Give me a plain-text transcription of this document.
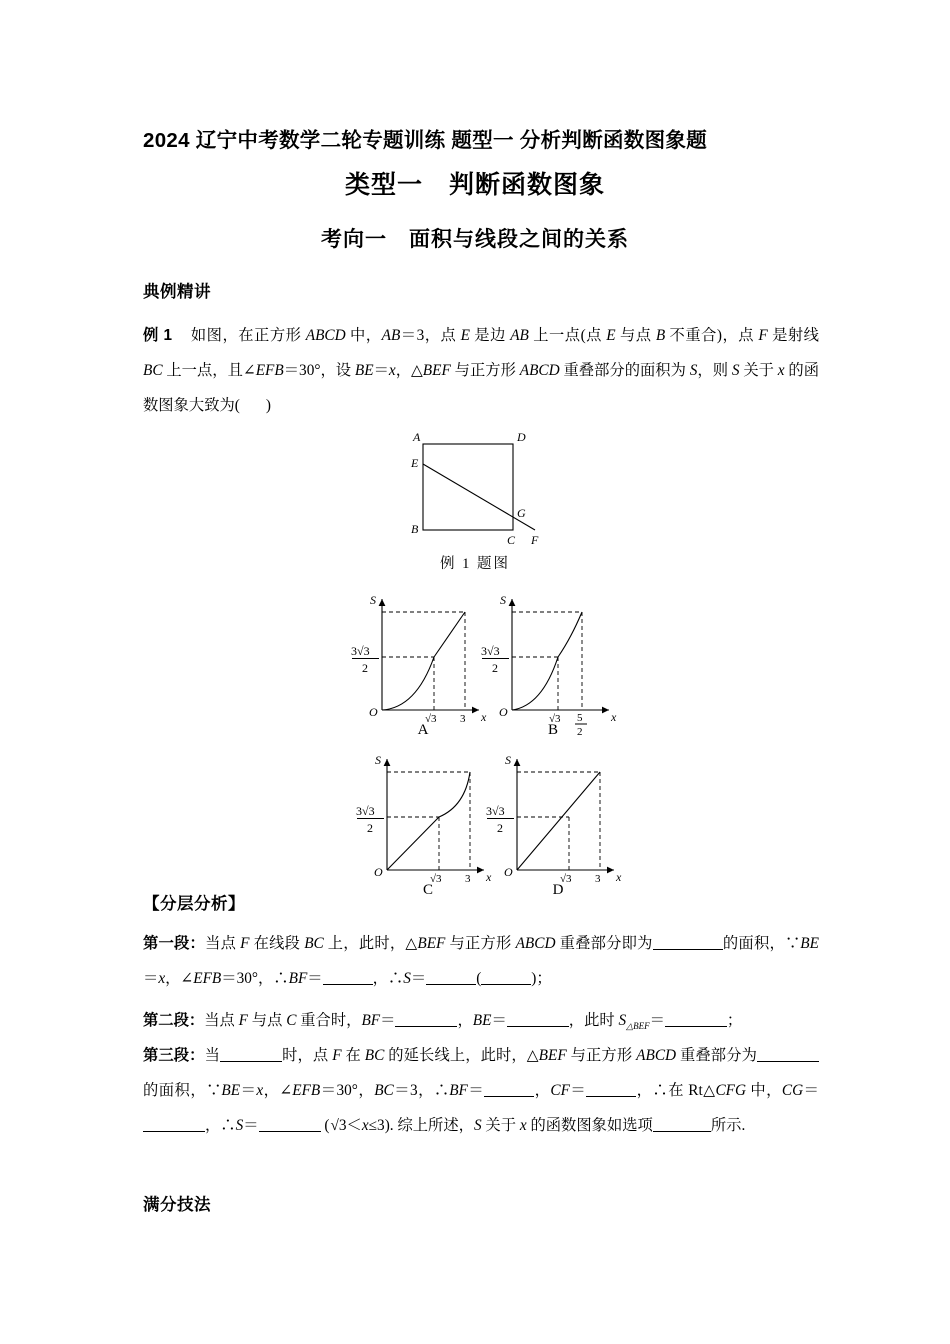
2024 辽宁中考数学二轮专题训练 题型一 分析判断函数图象题
类型一　判断函数图象
考向一　面积与线段之间的关系
典例精讲
例 1 如图，在正方形 ABCD 中，AB＝3，点 E 是边 AB 上一点(点 E 与点 B 不重合)，点 F 是射线 BC 上一点，且∠EFB＝30°，设 BE＝x，△BEF 与正方形 ABCD 重叠部分的面积为 S，则 S 关于 x 的函数图象大致为( )
A	D
E
G
B
C F
例 1 题图
S
x
O
3√3
2
√3 3
A
S
x
O
3√3
2
√3 5
2
B
S
x
O
3√3
2
√3 3
C
S
x
O
3√3
2
√3 3
D
【分层分析】
第一段：当点 F 在线段 BC 上，此时，△BEF 与正方形 ABCD 重叠部分即为	的面积，∵BE＝x，∠EFB＝30°，∴BF＝	，∴S＝	(	)；
第二段：当点 F 与点 C 重合时，BF＝	，BE＝	，此时 $S_{\triangle BEF}=$	；
第三段：当	时，点 F 在 BC 的延长线上，此时，△BEF 与正方形 ABCD 重叠部分为的面积，∵BE＝x，∠EFB＝30°，BC＝3，∴BF＝	，CF＝	，∴在 Rt△CFG 中，CG＝，∴S＝	( √ 3＜x≤3). 综上所述，S 关于 x 的函数图象如选项	所示.
满分技法
